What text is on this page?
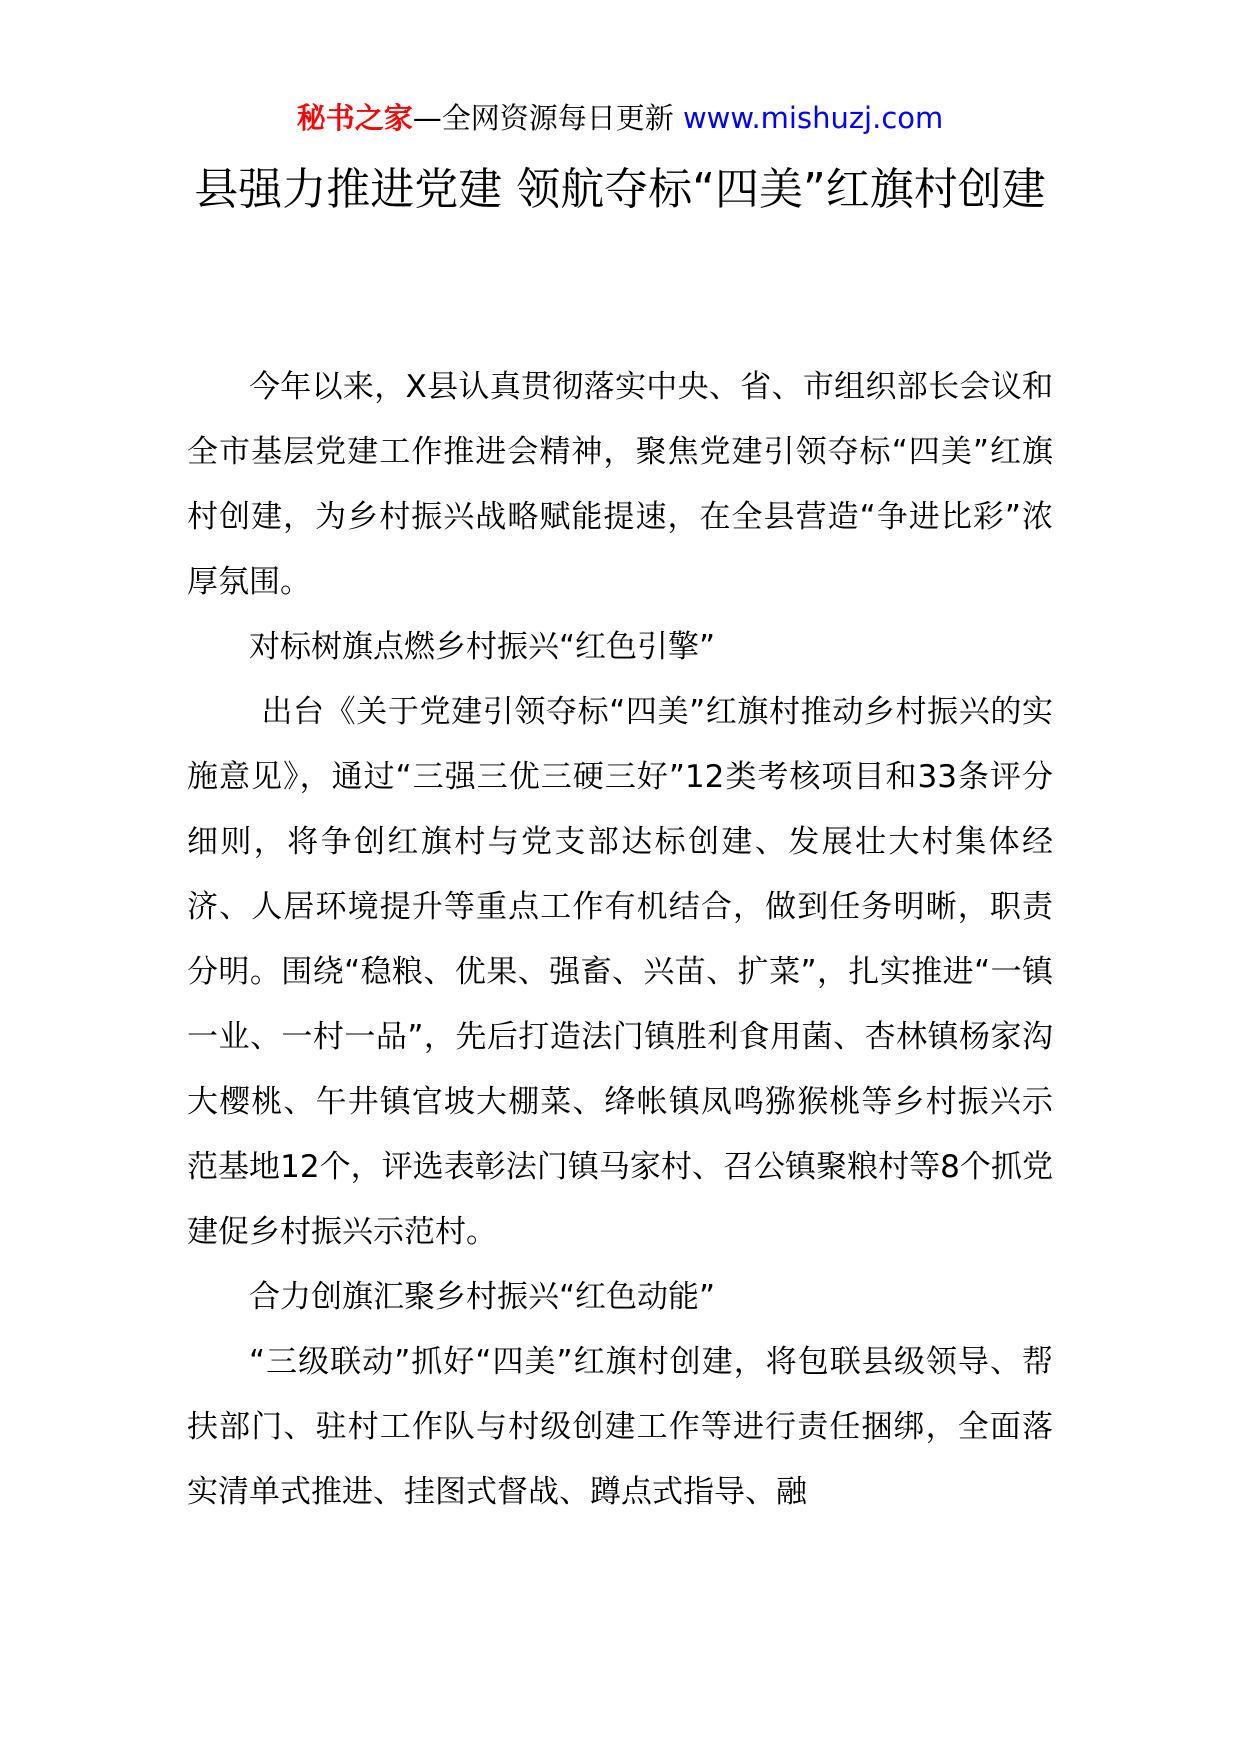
秘书之家—全网资源每日更新 www.mishuzj.com
县强力推进党建 领航夺标“四美”红旗村创建

今年以来，X县认真贯彻落实中央、省、市组织部长会议和全市基层党建工作推进会精神，聚焦党建引领夺标“四美”红旗村创建，为乡村振兴战略赋能提速，在全县营造“争进比彩”浓厚氛围。

对标树旗点燃乡村振兴“红色引擎”

出台《关于党建引领夺标“四美”红旗村推动乡村振兴的实施意见》，通过“三强三优三硬三好”12类考核项目和33条评分细则，将争创红旗村与党支部达标创建、发展壮大村集体经济、人居环境提升等重点工作有机结合，做到任务明晰，职责分明。围绕“稳粮、优果、强畜、兴苗、扩菜”，扎实推进“一镇一业、一村一品”，先后打造法门镇胜利食用菌、杏林镇杨家沟大樱桃、午井镇官坡大棚菜、绛帐镇凤鸣猕猴桃等乡村振兴示范基地12个，评选表彰法门镇马家村、召公镇聚粮村等8个抓党建促乡村振兴示范村。

合力创旗汇聚乡村振兴“红色动能”

“三级联动”抓好“四美”红旗村创建，将包联县级领导、帮扶部门、驻村工作队与村级创建工作等进行责任捆绑，全面落实清单式推进、挂图式督战、蹲点式指导、融
